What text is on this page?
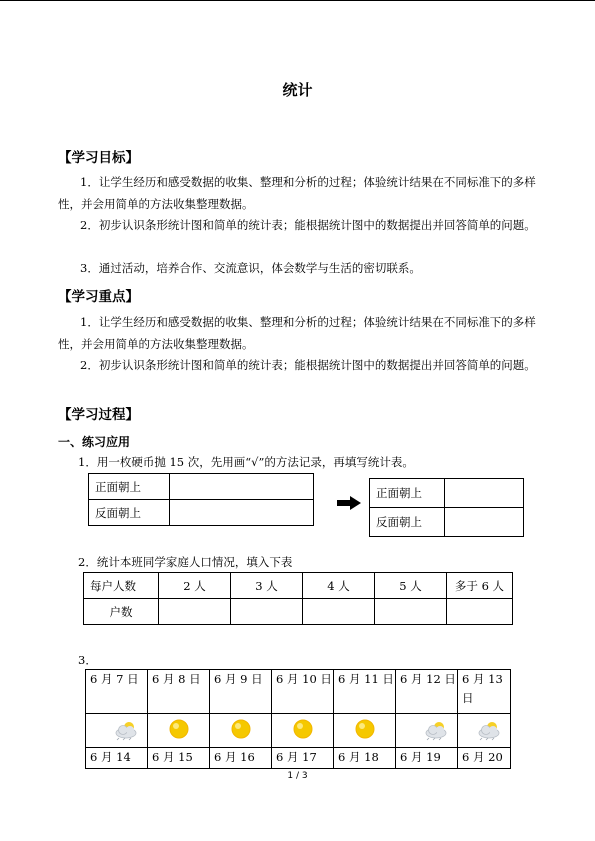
统计
【学习目标】
1．让学生经历和感受数据的收集、整理和分析的过程；体验统计结果在不同标准下的多样性，并会用简单的方法收集整理数据。
2．初步认识条形统计图和简单的统计表；能根据统计图中的数据提出并回答简单的问题。
3．通过活动，培养合作、交流意识，体会数学与生活的密切联系。
【学习重点】
1．让学生经历和感受数据的收集、整理和分析的过程；体验统计结果在不同标准下的多样性，并会用简单的方法收集整理数据。
2．初步认识条形统计图和简单的统计表；能根据统计图中的数据提出并回答简单的问题。
【学习过程】
一、练习应用
1．用一枚硬币抛 15 次，先用画“√”的方法记录，再填写统计表。
正面朝上	
反面朝上	
正面朝上	
反面朝上	
2．统计本班同学家庭人口情况，填入下表
每户人数	2 人	3 人	4 人	5 人	多于 6 人
户数					
3．
6 月 7 日	6 月 8 日	6 月 9 日	6 月 10 日	6 月 11 日	6 月 12 日	6 月 13 日

6 月 14	6 月 15	6 月 16	6 月 17	6 月 18	6 月 19	6 月 20
1 / 3
